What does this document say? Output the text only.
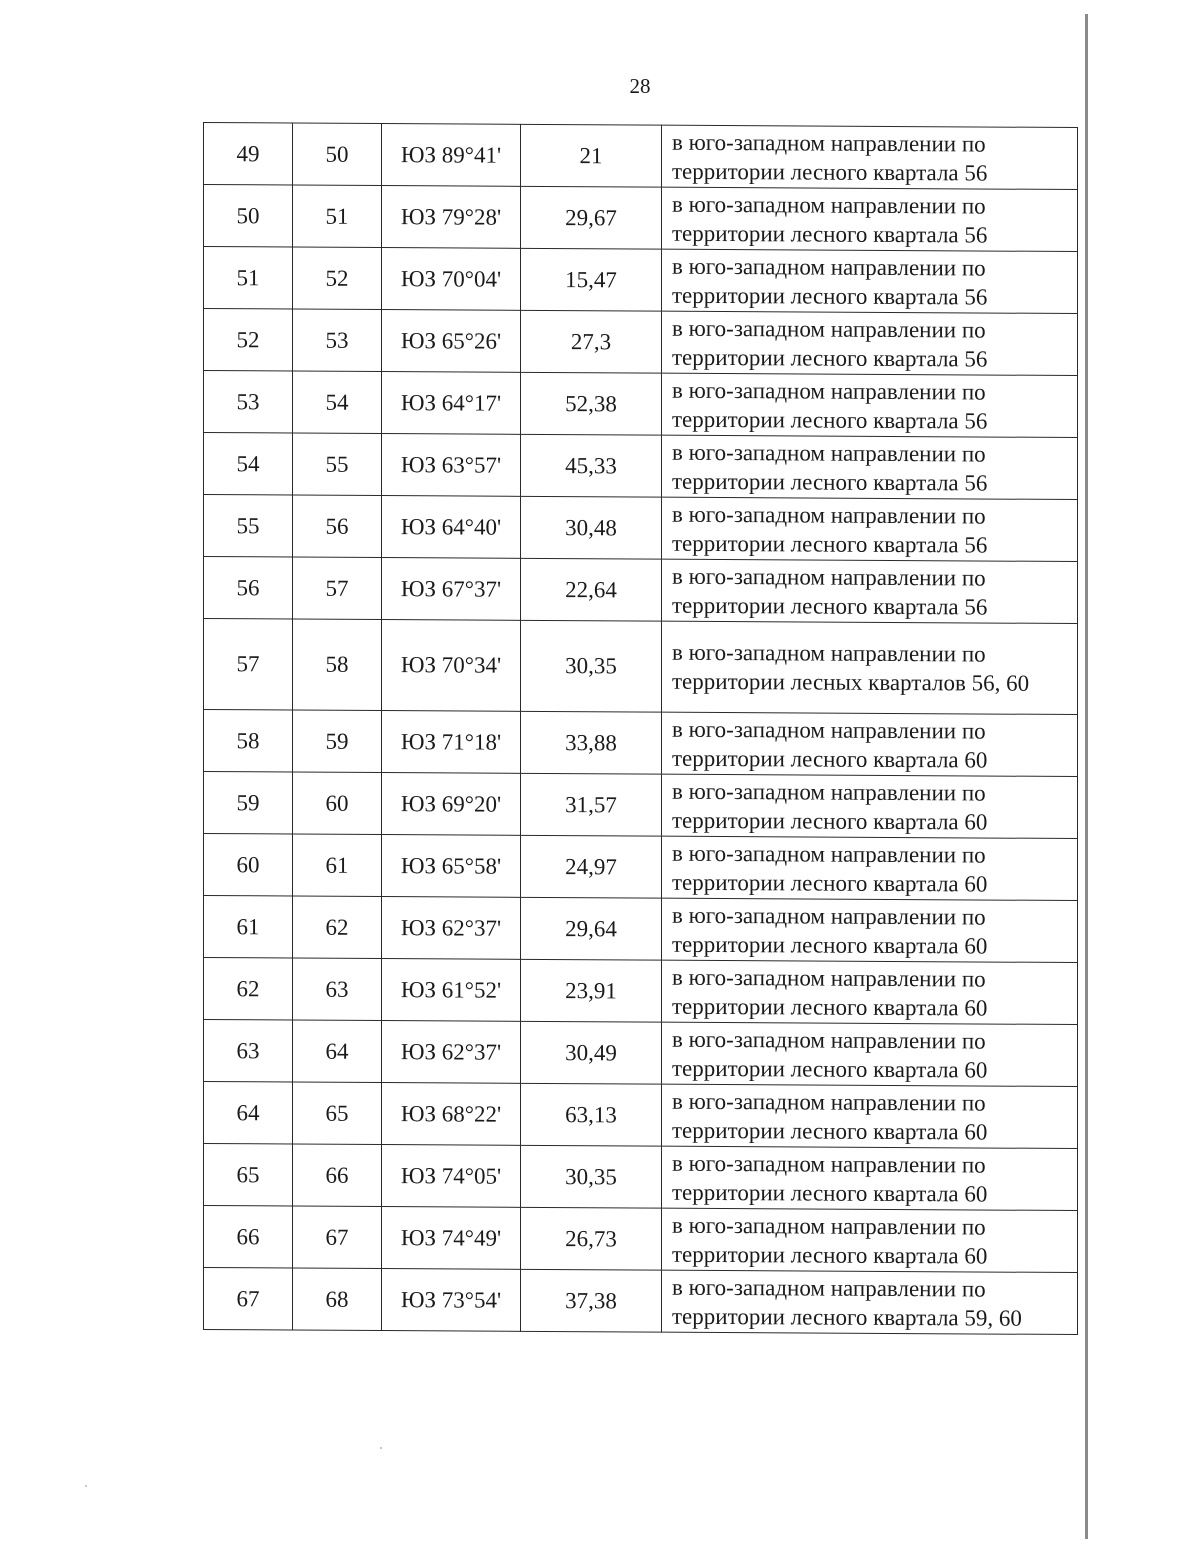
28
49	50	ЮЗ 89°41'	21	в юго-западном направлении по территории лесного квартала 56
50	51	ЮЗ 79°28'	29,67	в юго-западном направлении по территории лесного квартала 56
51	52	ЮЗ 70°04'	15,47	в юго-западном направлении по территории лесного квартала 56
52	53	ЮЗ 65°26'	27,3	в юго-западном направлении по территории лесного квартала 56
53	54	ЮЗ 64°17'	52,38	в юго-западном направлении по территории лесного квартала 56
54	55	ЮЗ 63°57'	45,33	в юго-западном направлении по территории лесного квартала 56
55	56	ЮЗ 64°40'	30,48	в юго-западном направлении по территории лесного квартала 56
56	57	ЮЗ 67°37'	22,64	в юго-западном направлении по территории лесного квартала 56
57	58	ЮЗ 70°34'	30,35	в юго-западном направлении по территории лесных кварталов 56, 60
58	59	ЮЗ 71°18'	33,88	в юго-западном направлении по территории лесного квартала 60
59	60	ЮЗ 69°20'	31,57	в юго-западном направлении по территории лесного квартала 60
60	61	ЮЗ 65°58'	24,97	в юго-западном направлении по территории лесного квартала 60
61	62	ЮЗ 62°37'	29,64	в юго-западном направлении по территории лесного квартала 60
62	63	ЮЗ 61°52'	23,91	в юго-западном направлении по территории лесного квартала 60
63	64	ЮЗ 62°37'	30,49	в юго-западном направлении по территории лесного квартала 60
64	65	ЮЗ 68°22'	63,13	в юго-западном направлении по территории лесного квартала 60
65	66	ЮЗ 74°05'	30,35	в юго-западном направлении по территории лесного квартала 60
66	67	ЮЗ 74°49'	26,73	в юго-западном направлении по территории лесного квартала 60
67	68	ЮЗ 73°54'	37,38	в юго-западном направлении по территории лесного квартала 59, 60
